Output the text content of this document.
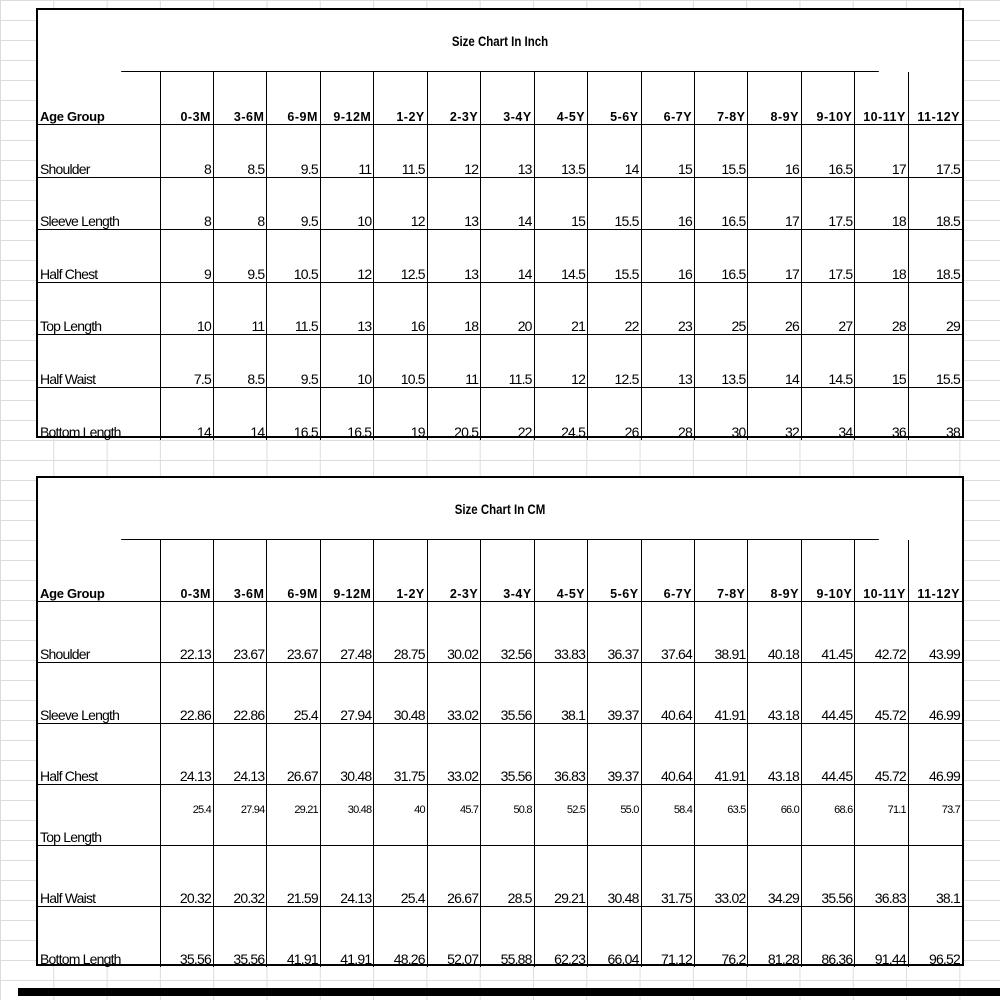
Size Chart In Inch
Age Group	0-3M	3-6M	6-9M	9-12M	1-2Y	2-3Y	3-4Y	4-5Y	5-6Y	6-7Y	7-8Y	8-9Y	9-10Y	10-11Y	11-12Y
Shoulder	8	8.5	9.5	11	11.5	12	13	13.5	14	15	15.5	16	16.5	17	17.5
Sleeve Length	8	8	9.5	10	12	13	14	15	15.5	16	16.5	17	17.5	18	18.5
Half Chest	9	9.5	10.5	12	12.5	13	14	14.5	15.5	16	16.5	17	17.5	18	18.5
Top Length	10	11	11.5	13	16	18	20	21	22	23	25	26	27	28	29
Half Waist	7.5	8.5	9.5	10	10.5	11	11.5	12	12.5	13	13.5	14	14.5	15	15.5
Bottom Length	14	14	16.5	16.5	19	20.5	22	24.5	26	28	30	32	34	36	38
Size Chart In CM
Age Group	0-3M	3-6M	6-9M	9-12M	1-2Y	2-3Y	3-4Y	4-5Y	5-6Y	6-7Y	7-8Y	8-9Y	9-10Y	10-11Y	11-12Y
Shoulder	22.13	23.67	23.67	27.48	28.75	30.02	32.56	33.83	36.37	37.64	38.91	40.18	41.45	42.72	43.99
Sleeve Length	22.86	22.86	25.4	27.94	30.48	33.02	35.56	38.1	39.37	40.64	41.91	43.18	44.45	45.72	46.99
Half Chest	24.13	24.13	26.67	30.48	31.75	33.02	35.56	36.83	39.37	40.64	41.91	43.18	44.45	45.72	46.99
Top Length	25.4	27.94	29.21	30.48	40	45.7	50.8	52.5	55.0	58.4	63.5	66.0	68.6	71.1	73.7
Half Waist	20.32	20.32	21.59	24.13	25.4	26.67	28.5	29.21	30.48	31.75	33.02	34.29	35.56	36.83	38.1
Bottom Length	35.56	35.56	41.91	41.91	48.26	52.07	55.88	62.23	66.04	71.12	76.2	81.28	86.36	91.44	96.52
